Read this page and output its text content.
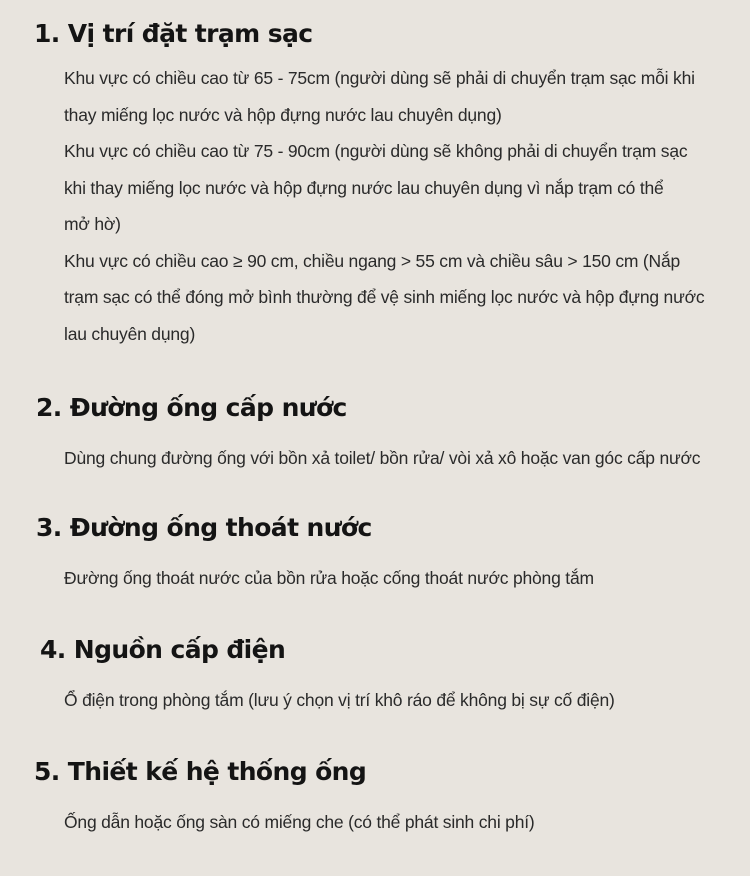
1. Vị trí đặt trạm sạc
Khu vực có chiều cao từ 65 - 75cm (người dùng sẽ phải di chuyển trạm sạc mỗi khi
thay miếng lọc nước và hộp đựng nước lau chuyên dụng)
Khu vực có chiều cao từ 75 - 90cm (người dùng sẽ không phải di chuyển trạm sạc
khi thay miếng lọc nước và hộp đựng nước lau chuyên dụng vì nắp trạm có thể
mở hờ)
Khu vực có chiều cao ≥ 90 cm, chiều ngang > 55 cm và chiều sâu > 150 cm (Nắp
trạm sạc có thể đóng mở bình thường để vệ sinh miếng lọc nước và hộp đựng nước
lau chuyên dụng)
2. Đường ống cấp nước
Dùng chung đường ống với bồn xả toilet/ bồn rửa/ vòi xả xô hoặc van góc cấp nước
3. Đường ống thoát nước
Đường ống thoát nước của bồn rửa hoặc cống thoát nước phòng tắm
4. Nguồn cấp điện
Ổ điện trong phòng tắm (lưu ý chọn vị trí khô ráo để không bị sự cố điện)
5. Thiết kế hệ thống ống
Ống dẫn hoặc ống sàn có miếng che (có thể phát sinh chi phí)
